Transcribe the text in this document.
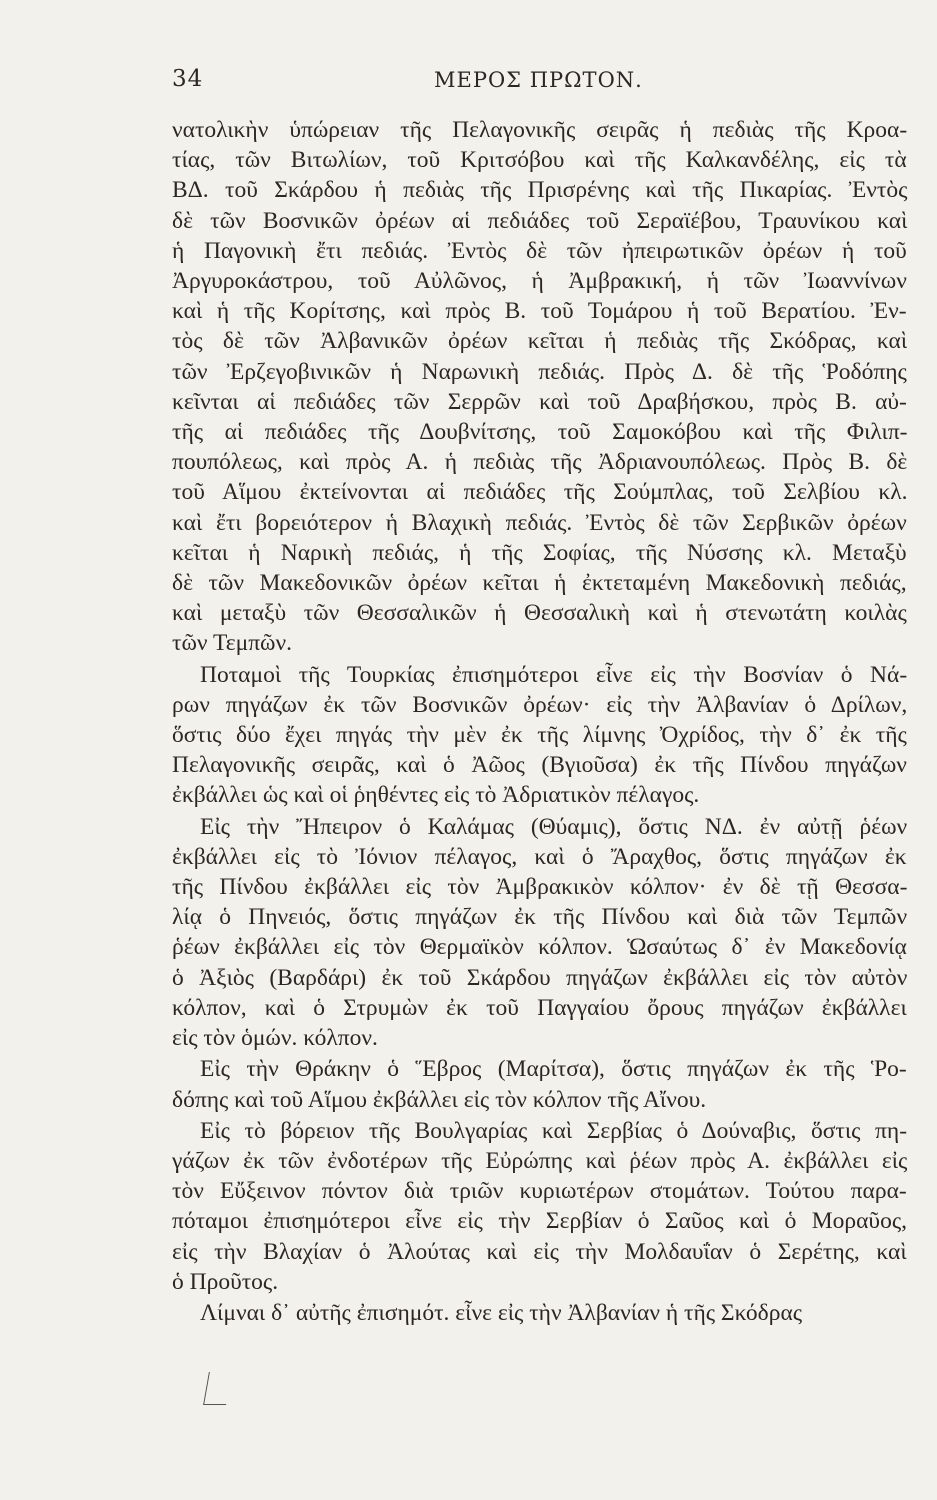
34	ΜΕΡΟΣ ΠΡΩΤΟΝ.

νατολικὴν ὑπώρειαν τῆς Πελαγονικῆς σειρᾶς ἡ πεδιὰς τῆς Κροα-
τίας, τῶν Βιτωλίων, τοῦ Κριτσόβου καὶ τῆς Καλκανδέλης, εἰς τὰ
ΒΔ. τοῦ Σκάρδου ἡ πεδιὰς τῆς Πρισρένης καὶ τῆς Πικαρίας. Ἐντὸς
δὲ τῶν Βοσνικῶν ὀρέων αἱ πεδιάδες τοῦ Σεραϊέβου, Τραυνίκου καὶ
ἡ Παγονικὴ ἔτι πεδιάς. Ἐντὸς δὲ τῶν ἠπειρωτικῶν ὀρέων ἡ τοῦ
Ἀργυροκάστρου, τοῦ Αὐλῶνος, ἡ Ἀμβρακική, ἡ τῶν Ἰωαννίνων
καὶ ἡ τῆς Κορίτσης, καὶ πρὸς Β. τοῦ Τομάρου ἡ τοῦ Βερατίου. Ἐν-
τὸς δὲ τῶν Ἀλβανικῶν ὀρέων κεῖται ἡ πεδιὰς τῆς Σκόδρας, καὶ
τῶν Ἐρζεγοβινικῶν ἡ Ναρωνικὴ πεδιάς. Πρὸς Δ. δὲ τῆς Ῥοδόπης
κεῖνται αἱ πεδιάδες τῶν Σερρῶν καὶ τοῦ Δραβήσκου, πρὸς Β. αὐ-
τῆς αἱ πεδιάδες τῆς Δουβνίτσης, τοῦ Σαμοκόβου καὶ τῆς Φιλιπ-
πουπόλεως, καὶ πρὸς Α. ἡ πεδιὰς τῆς Ἀδριανουπόλεως. Πρὸς Β. δὲ
τοῦ Αἵμου ἐκτείνονται αἱ πεδιάδες τῆς Σούμπλας, τοῦ Σελβίου κλ.
καὶ ἔτι βορειότερον ἡ Βλαχικὴ πεδιάς. Ἐντὸς δὲ τῶν Σερβικῶν ὀρέων
κεῖται ἡ Ναρικὴ πεδιάς, ἡ τῆς Σοφίας, τῆς Νύσσης κλ. Μεταξὺ
δὲ τῶν Μακεδονικῶν ὀρέων κεῖται ἡ ἐκτεταμένη Μακεδονικὴ πεδιάς,
καὶ μεταξὺ τῶν Θεσσαλικῶν ἡ Θεσσαλικὴ καὶ ἡ στενωτάτη κοιλὰς
τῶν Τεμπῶν.

Ποταμοὶ τῆς Τουρκίας ἐπισημότεροι εἶνε εἰς τὴν Βοσνίαν ὁ Νά-
ρων πηγάζων ἐκ τῶν Βοσνικῶν ὀρέων· εἰς τὴν Ἀλβανίαν ὁ Δρίλων,
ὅστις δύο ἔχει πηγάς τὴν μὲν ἐκ τῆς λίμνης Ὀχρίδος, τὴν δ᾽ ἐκ τῆς
Πελαγονικῆς σειρᾶς, καὶ ὁ Ἀῶος (Βγιοῦσα) ἐκ τῆς Πίνδου πηγάζων
ἐκβάλλει ὡς καὶ οἱ ῥηθέντες εἰς τὸ Ἀδριατικὸν πέλαγος.

Εἰς τὴν Ἤπειρον ὁ Καλάμας (Θύαμις), ὅστις ΝΔ. ἐν αὐτῇ ῥέων
ἐκβάλλει εἰς τὸ Ἰόνιον πέλαγος, καὶ ὁ Ἄραχθος, ὅστις πηγάζων ἐκ
τῆς Πίνδου ἐκβάλλει εἰς τὸν Ἀμβρακικὸν κόλπον· ἐν δὲ τῇ Θεσσα-
λίᾳ ὁ Πηνειός, ὅστις πηγάζων ἐκ τῆς Πίνδου καὶ διὰ τῶν Τεμπῶν
ῥέων ἐκβάλλει εἰς τὸν Θερμαϊκὸν κόλπον. Ὡσαύτως δ᾽ ἐν Μακεδονίᾳ
ὁ Ἀξιὸς (Βαρδάρι) ἐκ τοῦ Σκάρδου πηγάζων ἐκβάλλει εἰς τὸν αὐτὸν
κόλπον, καὶ ὁ Στρυμὼν ἐκ τοῦ Παγγαίου ὄρους πηγάζων ἐκβάλλει
εἰς τὸν ὁμών. κόλπον.

Εἰς τὴν Θράκην ὁ Ἕβρος (Μαρίτσα), ὅστις πηγάζων ἐκ τῆς Ῥο-
δόπης καὶ τοῦ Αἵμου ἐκβάλλει εἰς τὸν κόλπον τῆς Αἴνου.

Εἰς τὸ βόρειον τῆς Βουλγαρίας καὶ Σερβίας ὁ Δούναβις, ὅστις πη-
γάζων ἐκ τῶν ἐνδοτέρων τῆς Εὐρώπης καὶ ῥέων πρὸς Α. ἐκβάλλει εἰς
τὸν Εὔξεινον πόντον διὰ τριῶν κυριωτέρων στομάτων. Τούτου παρα-
πόταμοι ἐπισημότεροι εἶνε εἰς τὴν Σερβίαν ὁ Σαῦος καὶ ὁ Μοραῦος,
εἰς τὴν Βλαχίαν ὁ Ἀλούτας καὶ εἰς τὴν Μολδαυΐαν ὁ Σερέτης, καὶ
ὁ Προῦτος.

Λίμναι δ᾽ αὐτῆς ἐπισημότ. εἶνε εἰς τὴν Ἀλβανίαν ἡ τῆς Σκόδρας
